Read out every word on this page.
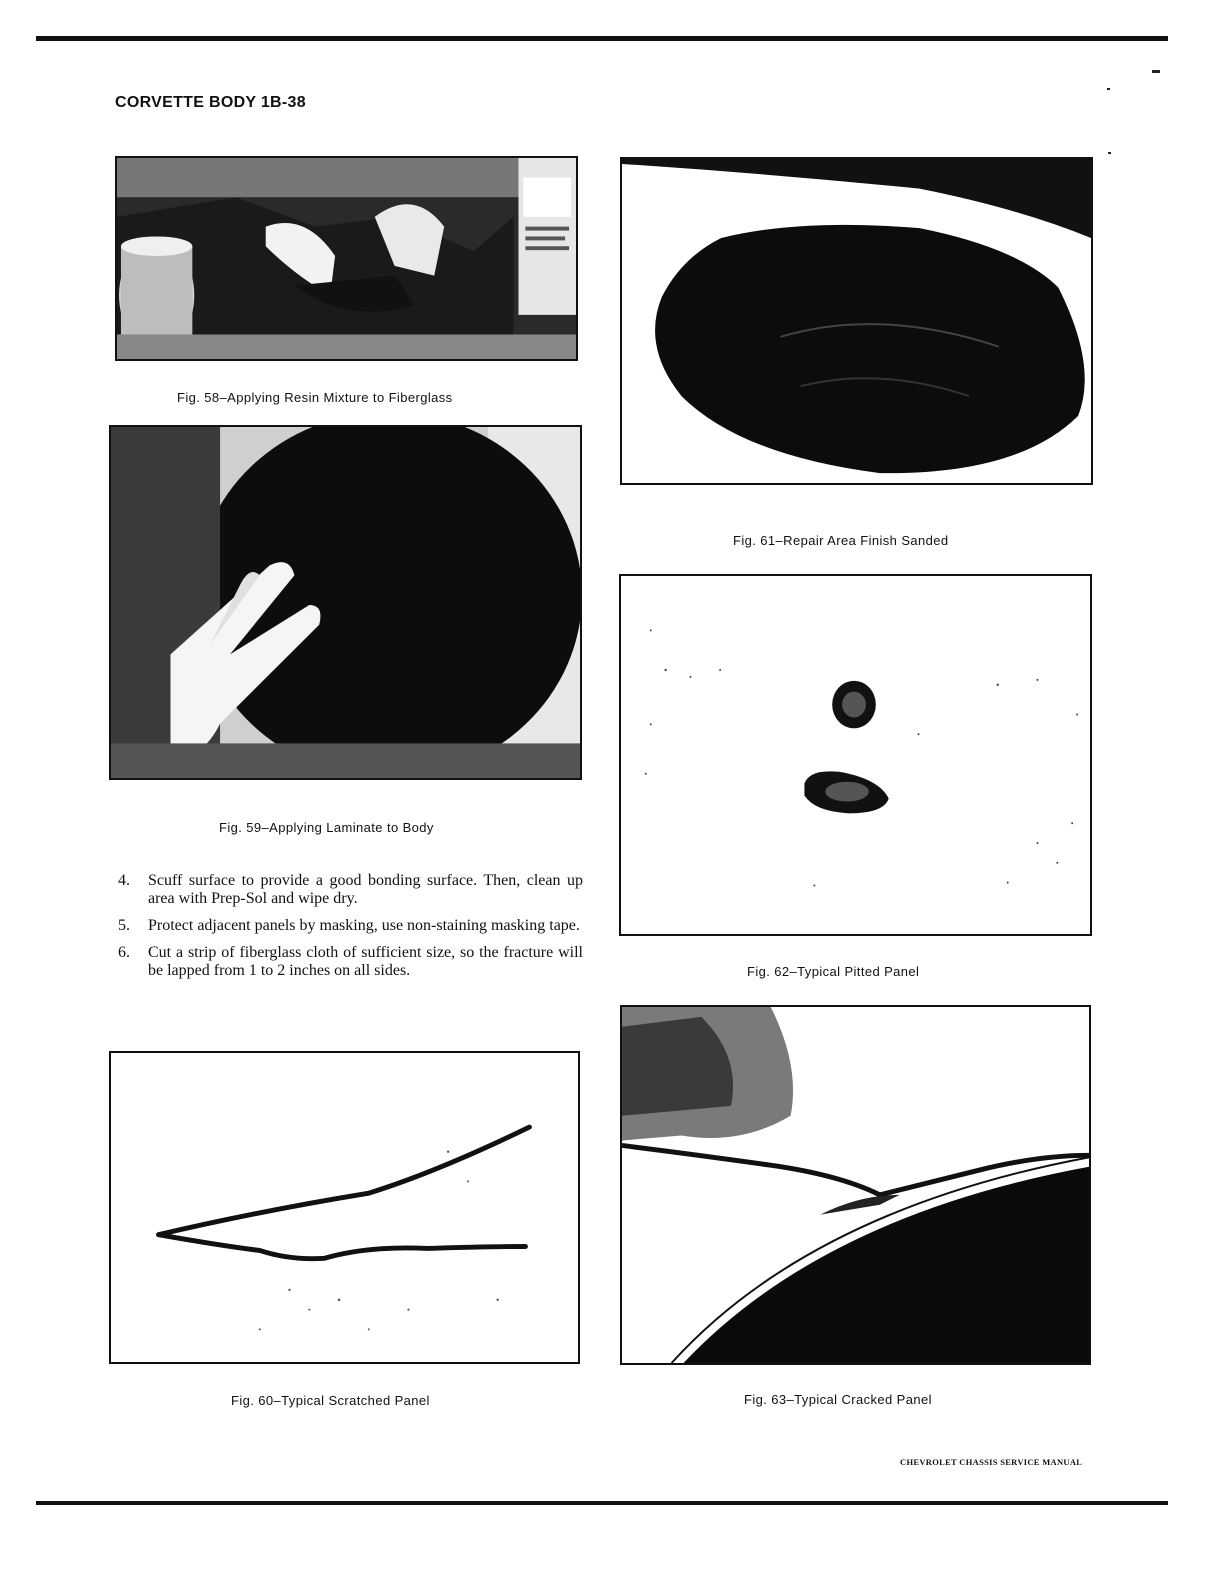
CORVETTE BODY 1B-38
Fig. 58–Applying Resin Mixture to Fiberglass
Fig. 59–Applying Laminate to Body
4. Scuff surface to provide a good bonding surface. Then, clean up area with Prep-Sol and wipe dry.
5. Protect adjacent panels by masking, use non-staining masking tape.
6. Cut a strip of fiberglass cloth of sufficient size, so the fracture will be lapped from 1 to 2 inches on all sides.
Fig. 60–Typical Scratched Panel
Fig. 61–Repair Area Finish Sanded
Fig. 62–Typical Pitted Panel
Fig. 63–Typical Cracked Panel
CHEVROLET CHASSIS SERVICE MANUAL
